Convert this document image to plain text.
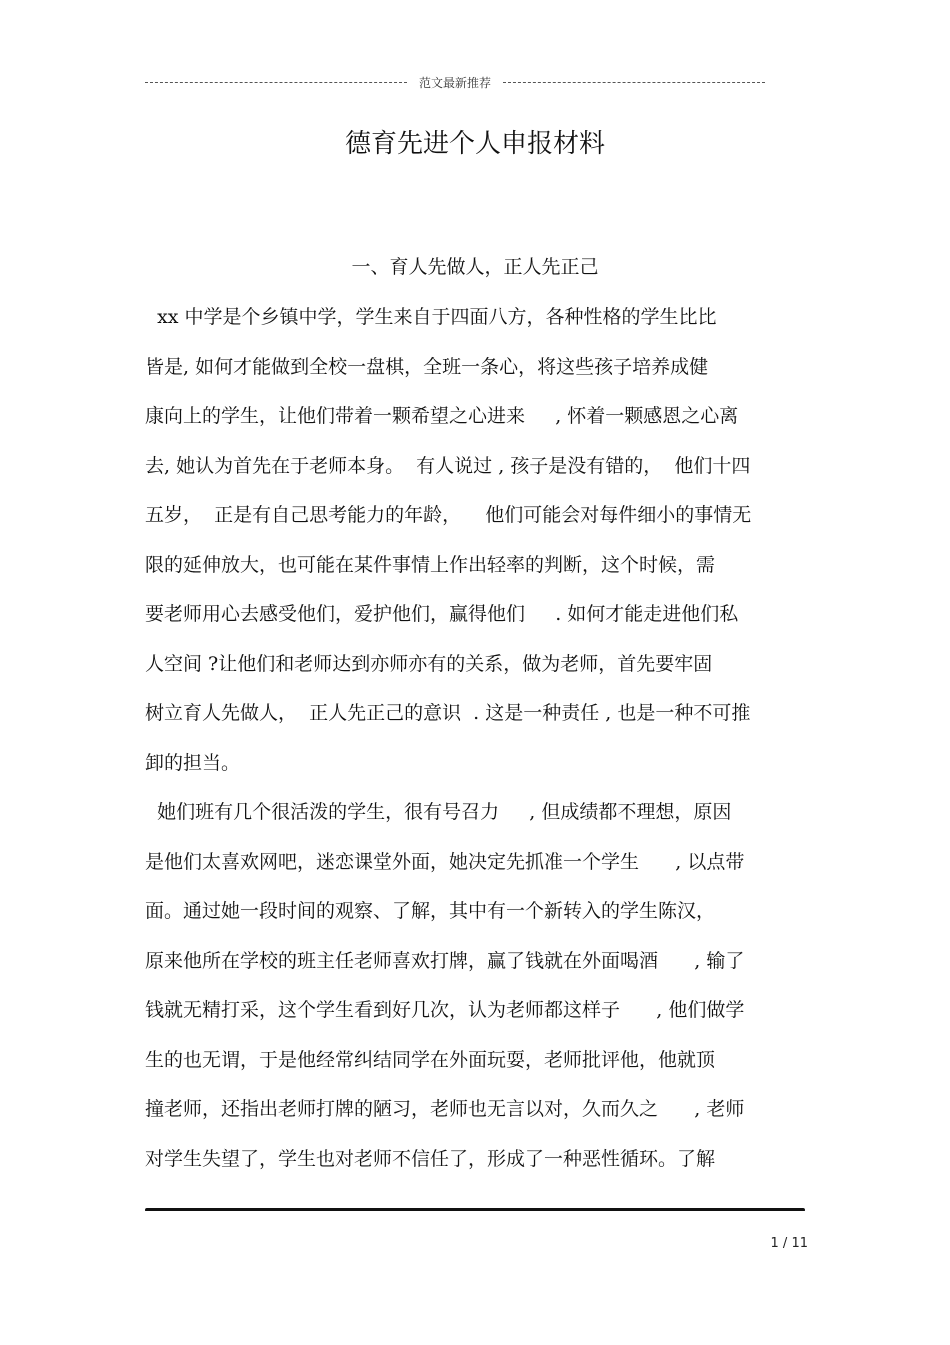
范文最新推荐
德育先进个人申报材料
一、育人先做人，正人先正己
xx 中学是个乡镇中学，学生来自于四面八方，各种性格的学生比比
皆是, 如何才能做到全校一盘棋，全班一条心，将这些孩子培养成健
康向上的学生，让他们带着一颗希望之心进来     , 怀着一颗感恩之心离
去, 她认为首先在于老师本身。  有人说过 , 孩子是没有错的，  他们十四
五岁，  正是有自己思考能力的年龄，    他们可能会对每件细小的事情无
限的延伸放大，也可能在某件事情上作出轻率的判断，这个时候，需
要老师用心去感受他们，爱护他们，赢得他们     . 如何才能走进他们私
人空间 ?让他们和老师达到亦师亦有的关系，做为老师，首先要牢固
树立育人先做人，  正人先正己的意识  . 这是一种责任 , 也是一种不可推
卸的担当。
她们班有几个很活泼的学生，很有号召力     , 但成绩都不理想，原因
是他们太喜欢网吧，迷恋课堂外面，她决定先抓准一个学生      , 以点带
面。通过她一段时间的观察、了解，其中有一个新转入的学生陈汉，
原来他所在学校的班主任老师喜欢打牌，赢了钱就在外面喝酒      , 输了
钱就无精打采，这个学生看到好几次，认为老师都这样子      , 他们做学
生的也无谓，于是他经常纠结同学在外面玩耍，老师批评他，他就顶
撞老师，还指出老师打牌的陋习，老师也无言以对，久而久之      , 老师
对学生失望了，学生也对老师不信任了，形成了一种恶性循环。了解
1 / 11
